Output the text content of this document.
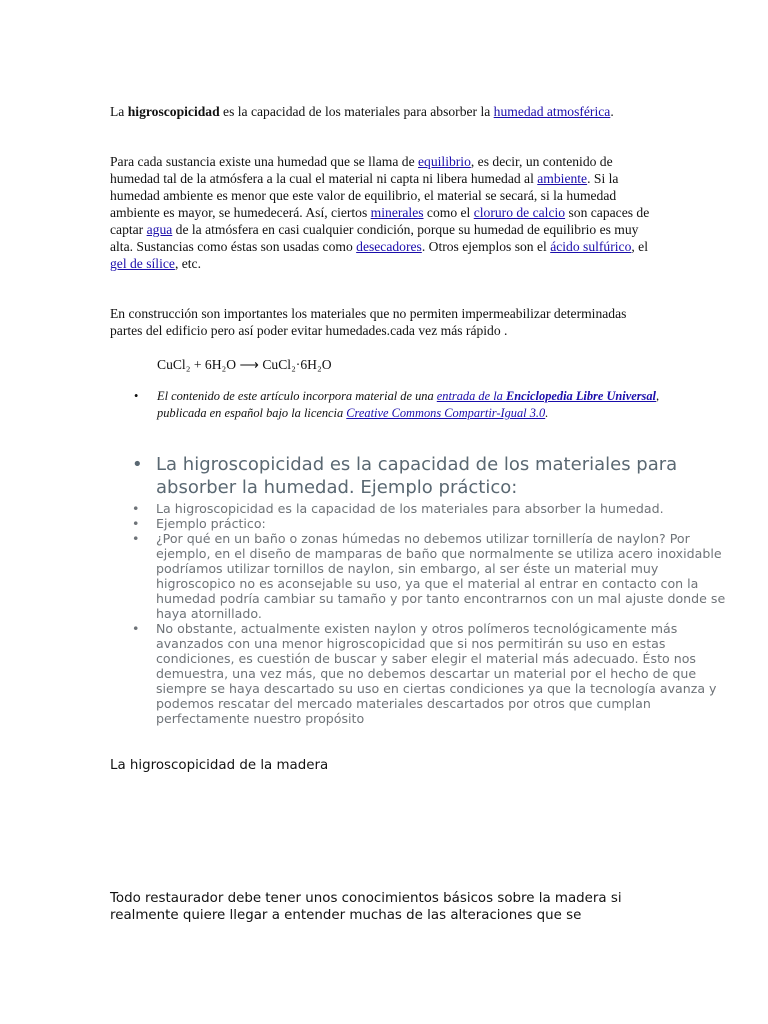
La higroscopicidad es la capacidad de los materiales para absorber la humedad atmosférica.

Para cada sustancia existe una humedad que se llama de equilibrio, es decir, un contenido de humedad tal de la atmósfera a la cual el material ni capta ni libera humedad al ambiente. Si la humedad ambiente es menor que este valor de equilibrio, el material se secará, si la humedad ambiente es mayor, se humedecerá. Así, ciertos minerales como el cloruro de calcio son capaces de captar agua de la atmósfera en casi cualquier condición, porque su humedad de equilibrio es muy alta. Sustancias como éstas son usadas como desecadores. Otros ejemplos son el ácido sulfúrico, el gel de sílice, etc.

En construcción son importantes los materiales que no permiten impermeabilizar determinadas partes del edificio pero así poder evitar humedades.cada vez más rápido .

CuCl₂ + 6H₂O ⟶ CuCl₂·6H₂O
• El contenido de este artículo incorpora material de una entrada de la Enciclopedia Libre Universal, publicada en español bajo la licencia Creative Commons Compartir-Igual 3.0.
• La higroscopicidad es la capacidad de los materiales para absorber la humedad. Ejemplo práctico:
• La higroscopicidad es la capacidad de los materiales para absorber la humedad.
• Ejemplo práctico:
• ¿Por qué en un baño o zonas húmedas no debemos utilizar tornillería de naylon? Por ejemplo, en el diseño de mamparas de baño que normalmente se utiliza acero inoxidable podríamos utilizar tornillos de naylon, sin embargo, al ser éste un material muy higroscopico no es aconsejable su uso, ya que el material al entrar en contacto con la humedad podría cambiar su tamaño y por tanto encontrarnos con un mal ajuste donde se haya atornillado.
• No obstante, actualmente existen naylon y otros polímeros tecnológicamente más avanzados con una menor higroscopicidad que si nos permitirán su uso en estas condiciones, es cuestión de buscar y saber elegir el material más adecuado. Ésto nos demuestra, una vez más, que no debemos descartar un material por el hecho de que siempre se haya descartado su uso en ciertas condiciones ya que la tecnología avanza y podemos rescatar del mercado materiales descartados por otros que cumplan perfectamente nuestro propósito
La higroscopicidad de la madera

Todo restaurador debe tener unos conocimientos básicos sobre la madera si realmente quiere llegar a entender muchas de las alteraciones que se
